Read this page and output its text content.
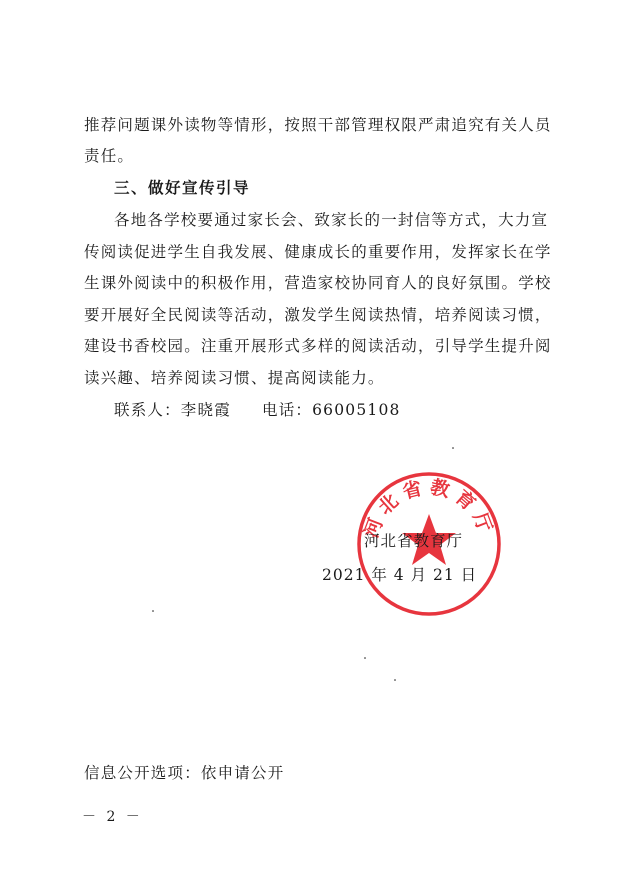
推荐问题课外读物等情形，按照干部管理权限严肃追究有关人员
责任。
三、做好宣传引导
各地各学校要通过家长会、致家长的一封信等方式，大力宣
传阅读促进学生自我发展、健康成长的重要作用，发挥家长在学
生课外阅读中的积极作用，营造家校协同育人的良好氛围。学校
要开展好全民阅读等活动，激发学生阅读热情，培养阅读习惯，
建设书香校园。注重开展形式多样的阅读活动，引导学生提升阅
读兴趣、培养阅读习惯、提高阅读能力。
联系人：李晓霞 电话：66005108
河北省教育厅
河北省教育厅
2021 年 4 月 21 日
信息公开选项：依申请公开
－ 2 －
